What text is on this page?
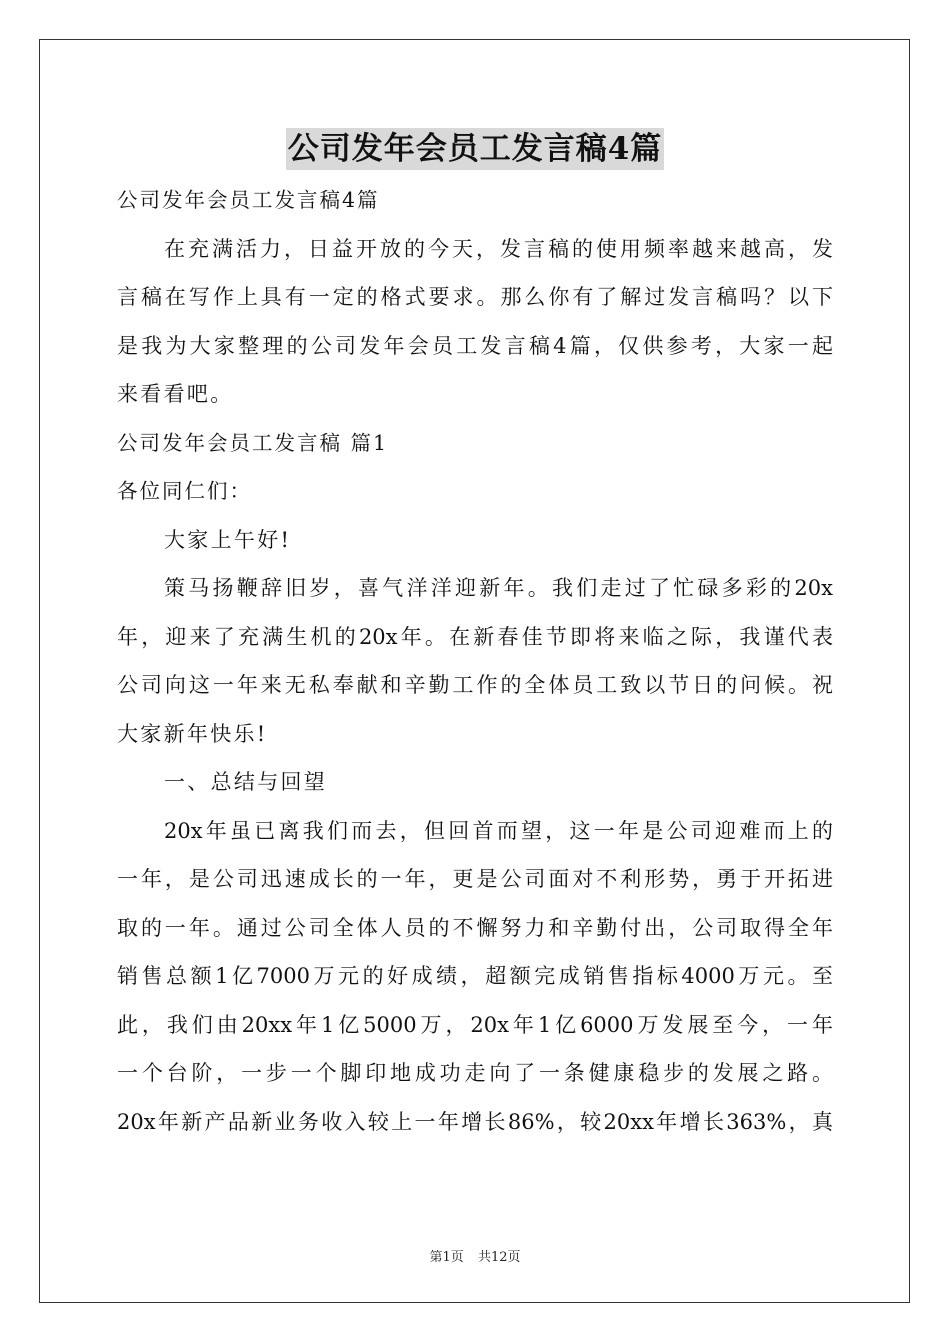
公司发年会员工发言稿4篇
公司发年会员工发言稿4篇
在充满活力，日益开放的今天，发言稿的使用频率越来越高，发
言稿在写作上具有一定的格式要求。那么你有了解过发言稿吗？以下
是我为大家整理的公司发年会员工发言稿4篇，仅供参考，大家一起
来看看吧。
公司发年会员工发言稿 篇1
各位同仁们：
大家上午好!
策马扬鞭辞旧岁，喜气洋洋迎新年。我们走过了忙碌多彩的20x
年，迎来了充满生机的20x年。在新春佳节即将来临之际，我谨代表
公司向这一年来无私奉献和辛勤工作的全体员工致以节日的问候。祝
大家新年快乐!
一、总结与回望
20x年虽已离我们而去，但回首而望，这一年是公司迎难而上的
一年，是公司迅速成长的一年，更是公司面对不利形势，勇于开拓进
取的一年。通过公司全体人员的不懈努力和辛勤付出，公司取得全年
销售总额1亿7000万元的好成绩，超额完成销售指标4000万元。至
此，我们由20xx年1亿5000万，20x年1亿6000万发展至今，一年
一个台阶，一步一个脚印地成功走向了一条健康稳步的发展之路。
20x年新产品新业务收入较上一年增长86%，较20xx年增长363%，真
第1页 共12页
